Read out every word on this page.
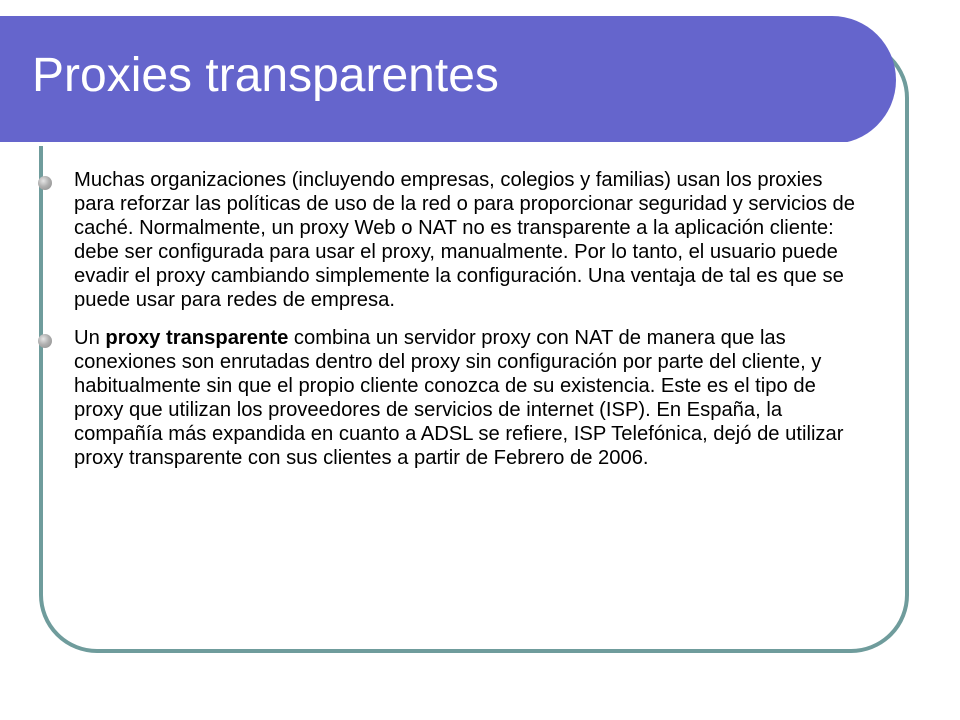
Proxies transparentes
Muchas organizaciones (incluyendo empresas, colegios y familias) usan los proxies para reforzar las políticas de uso de la red o para proporcionar seguridad y servicios de caché. Normalmente, un proxy Web o NAT no es transparente a la aplicación cliente: debe ser configurada para usar el proxy, manualmente. Por lo tanto, el usuario puede evadir el proxy cambiando simplemente la configuración. Una ventaja de tal es que se puede usar para redes de empresa.
Un proxy transparente combina un servidor proxy con NAT de manera que las conexiones son enrutadas dentro del proxy sin configuración por parte del cliente, y habitualmente sin que el propio cliente conozca de su existencia. Este es el tipo de proxy que utilizan los proveedores de servicios de internet (ISP). En España, la compañía más expandida en cuanto a ADSL se refiere, ISP Telefónica, dejó de utilizar proxy transparente con sus clientes a partir de Febrero de 2006.
